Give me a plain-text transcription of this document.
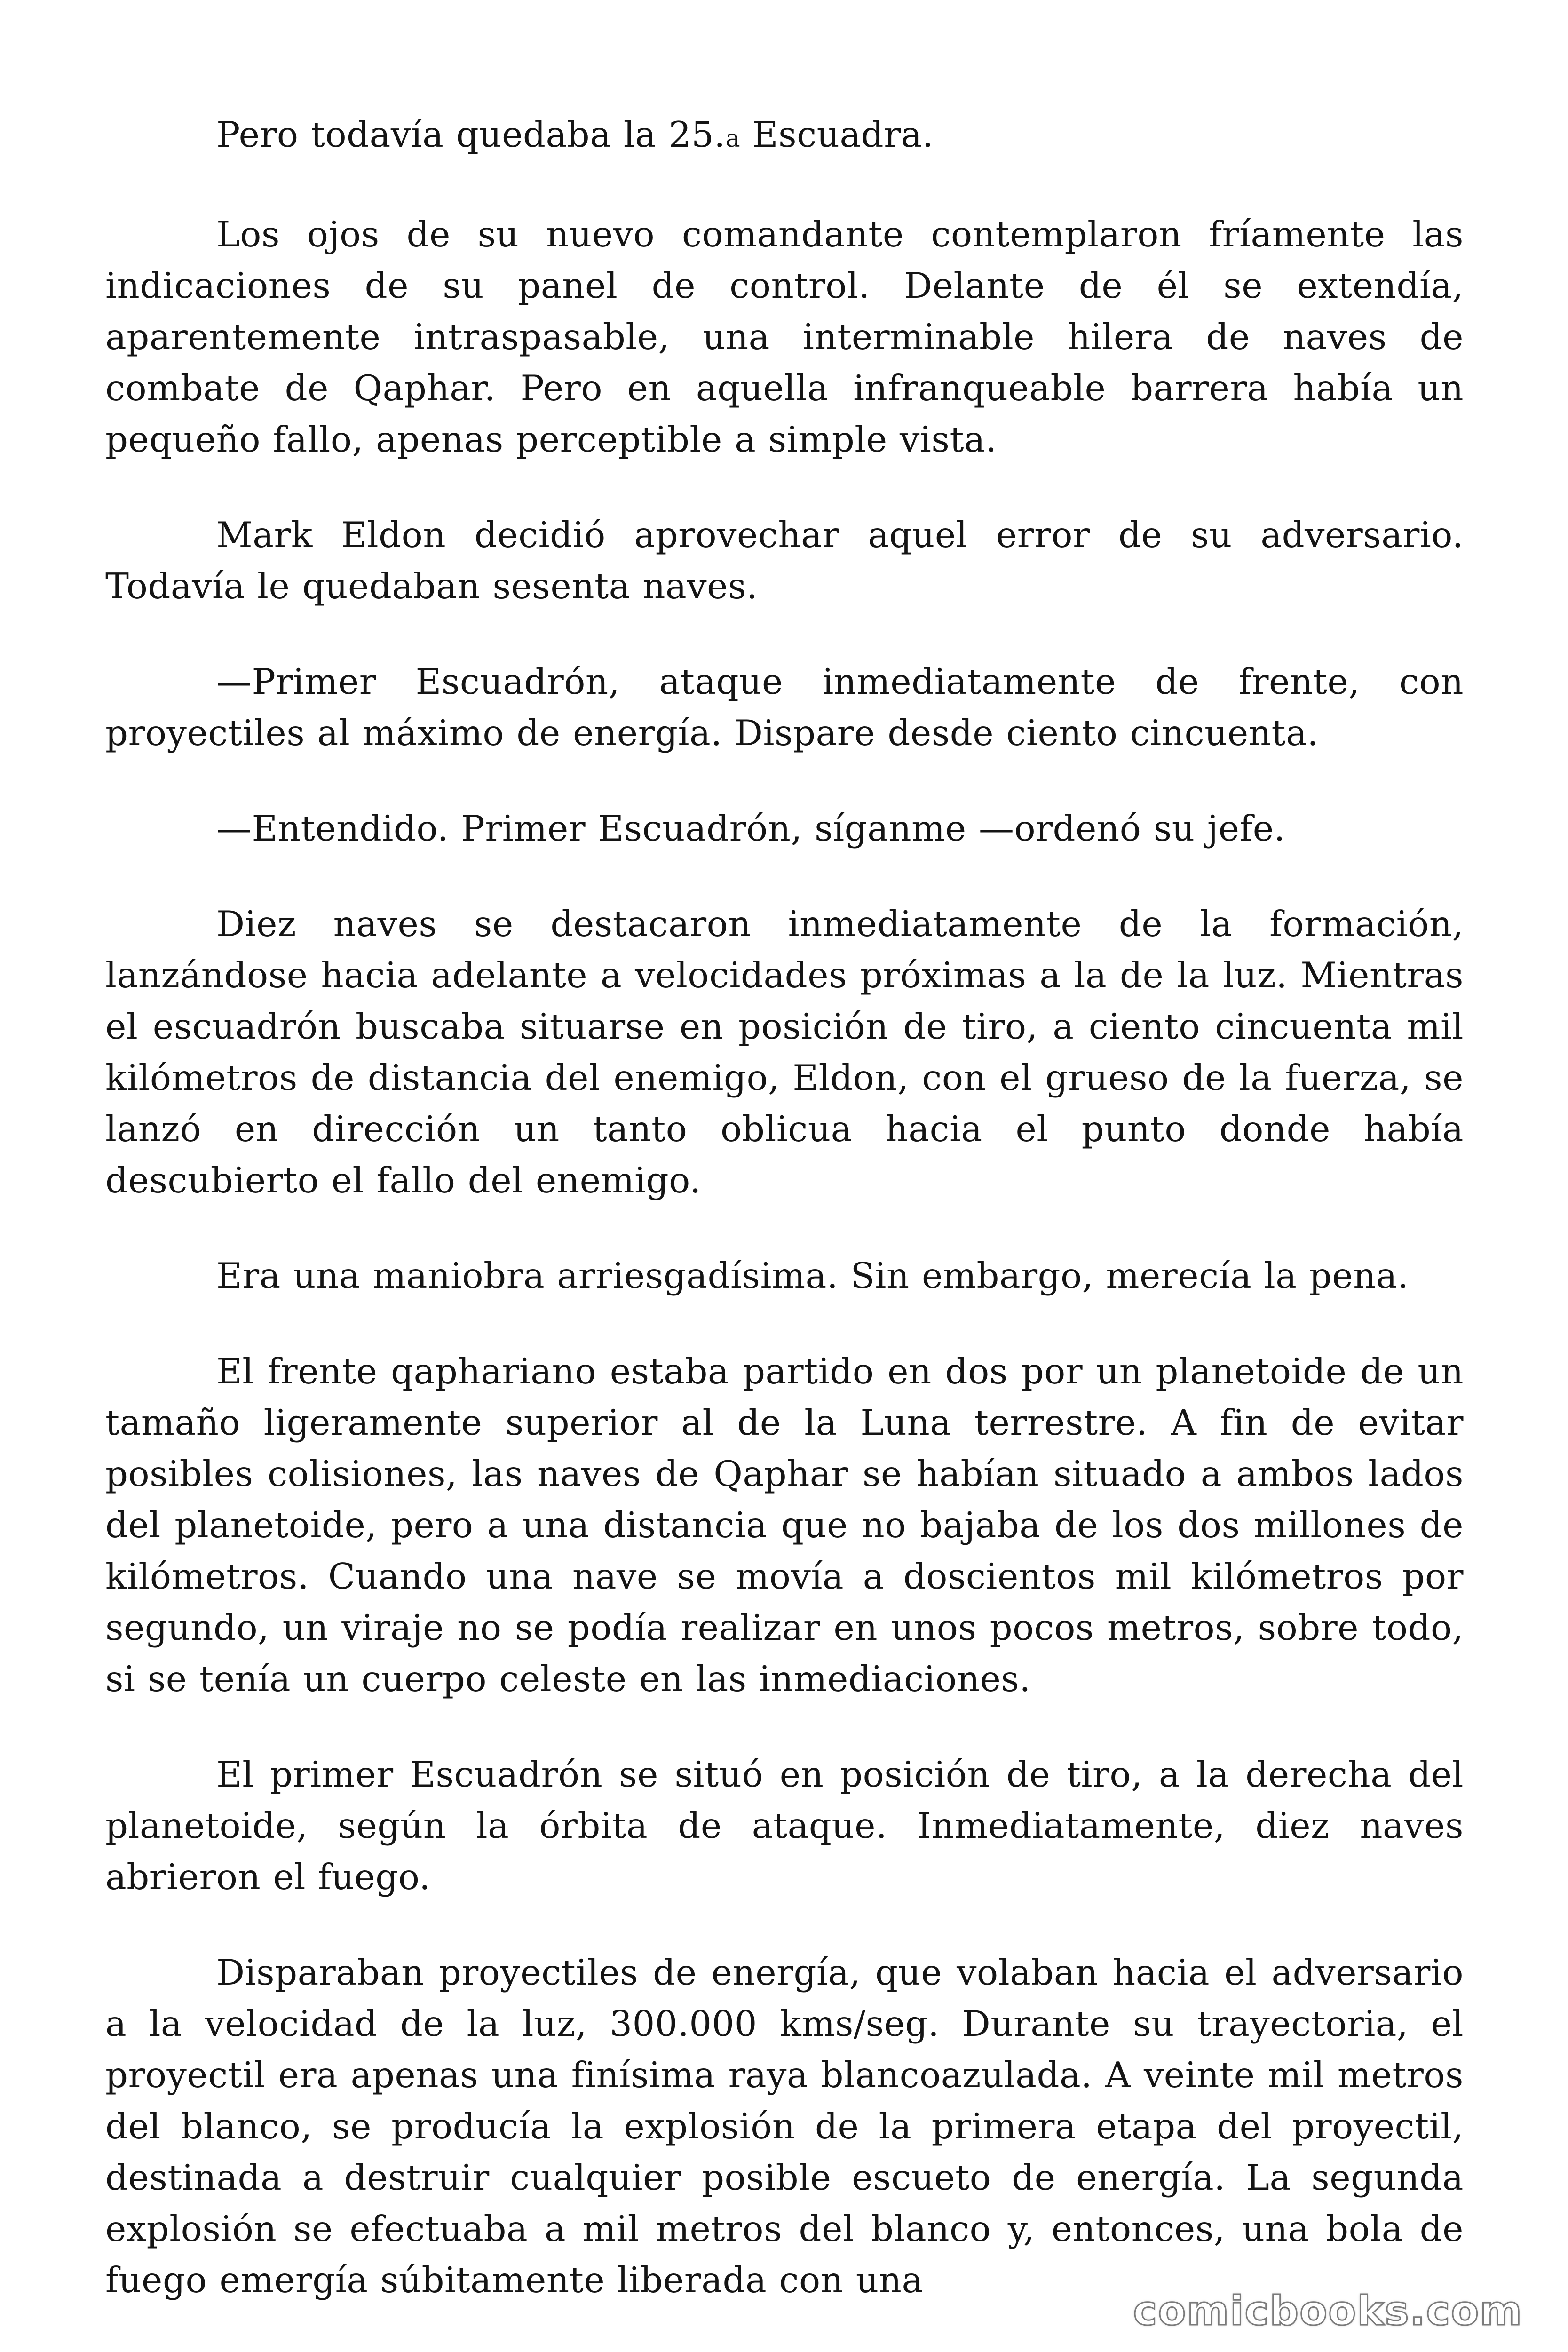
Pero todavía quedaba la 25.a Escuadra.

Los ojos de su nuevo comandante contemplaron fríamente las indicaciones de su panel de control. Delante de él se extendía, aparentemente intraspasable, una interminable hilera de naves de combate de Qaphar. Pero en aquella infranqueable barrera había un pequeño fallo, apenas perceptible a simple vista.

Mark Eldon decidió aprovechar aquel error de su adversario. Todavía le quedaban sesenta naves.

—Primer Escuadrón, ataque inmediatamente de frente, con proyectiles al máximo de energía. Dispare desde ciento cincuenta.

—Entendido. Primer Escuadrón, síganme —ordenó su jefe.

Diez naves se destacaron inmediatamente de la formación, lanzándose hacia adelante a velocidades próximas a la de la luz. Mientras el escuadrón buscaba situarse en posición de tiro, a ciento cincuenta mil kilómetros de distancia del enemigo, Eldon, con el grueso de la fuerza, se lanzó en dirección un tanto oblicua hacia el punto donde había descubierto el fallo del enemigo.

Era una maniobra arriesgadísima. Sin embargo, merecía la pena.

El frente qaphariano estaba partido en dos por un planetoide de un tamaño ligeramente superior al de la Luna terrestre. A fin de evitar posibles colisiones, las naves de Qaphar se habían situado a ambos lados del planetoide, pero a una distancia que no bajaba de los dos millones de kilómetros. Cuando una nave se movía a doscientos mil kilómetros por segundo, un viraje no se podía realizar en unos pocos metros, sobre todo, si se tenía un cuerpo celeste en las inmediaciones.

El primer Escuadrón se situó en posición de tiro, a la derecha del planetoide, según la órbita de ataque. Inmediatamente, diez naves abrieron el fuego.

Disparaban proyectiles de energía, que volaban hacia el adversario a la velocidad de la luz, 300.000 kms/seg. Durante su trayectoria, el proyectil era apenas una finísima raya blancoazulada. A veinte mil metros del blanco, se producía la explosión de la primera etapa del proyectil, destinada a destruir cualquier posible escueto de energía. La segunda explosión se efectuaba a mil metros del blanco y, entonces, una bola de fuego emergía súbitamente liberada con una

comicbooks.com
